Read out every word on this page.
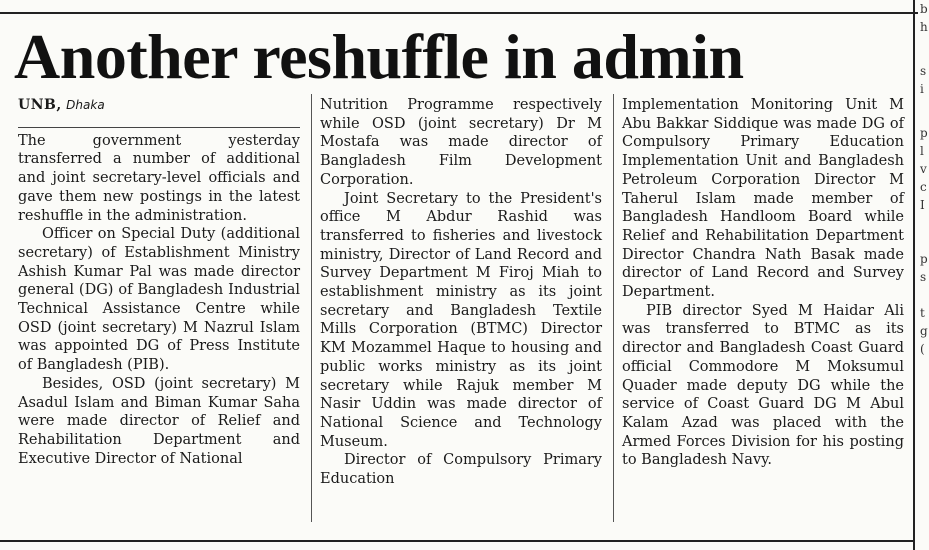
b
h
s
i
p
l
v
c
I
p
s
t
g
(
Another reshuffle in admin
UNB, Dhaka

The government yesterday transferred a number of additional and joint secretary-level officials and gave them new postings in the latest reshuffle in the administration.

Officer on Special Duty (additional secretary) of Establishment Ministry Ashish Kumar Pal was made director general (DG) of Bangladesh Industrial Technical Assistance Centre while OSD (joint secretary) M Nazrul Islam was appointed DG of Press Institute of Bangladesh (PIB).

Besides, OSD (joint secretary) M Asadul Islam and Biman Kumar Saha were made director of Relief and Rehabilitation Department and Executive Director of National

Nutrition Programme respectively while OSD (joint secretary) Dr M Mostafa was made director of Bangladesh Film Development Corporation.

Joint Secretary to the President's office M Abdur Rashid was transferred to fisheries and livestock ministry, Director of Land Record and Survey Department M Firoj Miah to establishment ministry as its joint secretary and Bangladesh Textile Mills Corporation (BTMC) Director KM Mozammel Haque to housing and public works ministry as its joint secretary while Rajuk member M Nasir Uddin was made director of National Science and Technology Museum.

Director of Compulsory Primary Education

Implementation Monitoring Unit M Abu Bakkar Siddique was made DG of Compulsory Primary Education Implementation Unit and Bangladesh Petroleum Corporation Director M Taherul Islam made member of Bangladesh Handloom Board while Relief and Rehabilitation Department Director Chandra Nath Basak made director of Land Record and Survey Department.

PIB director Syed M Haidar Ali was transferred to BTMC as its director and Bangladesh Coast Guard official Commodore M Moksumul Quader made deputy DG while the service of Coast Guard DG M Abul Kalam Azad was placed with the Armed Forces Division for his posting to Bangladesh Navy.
